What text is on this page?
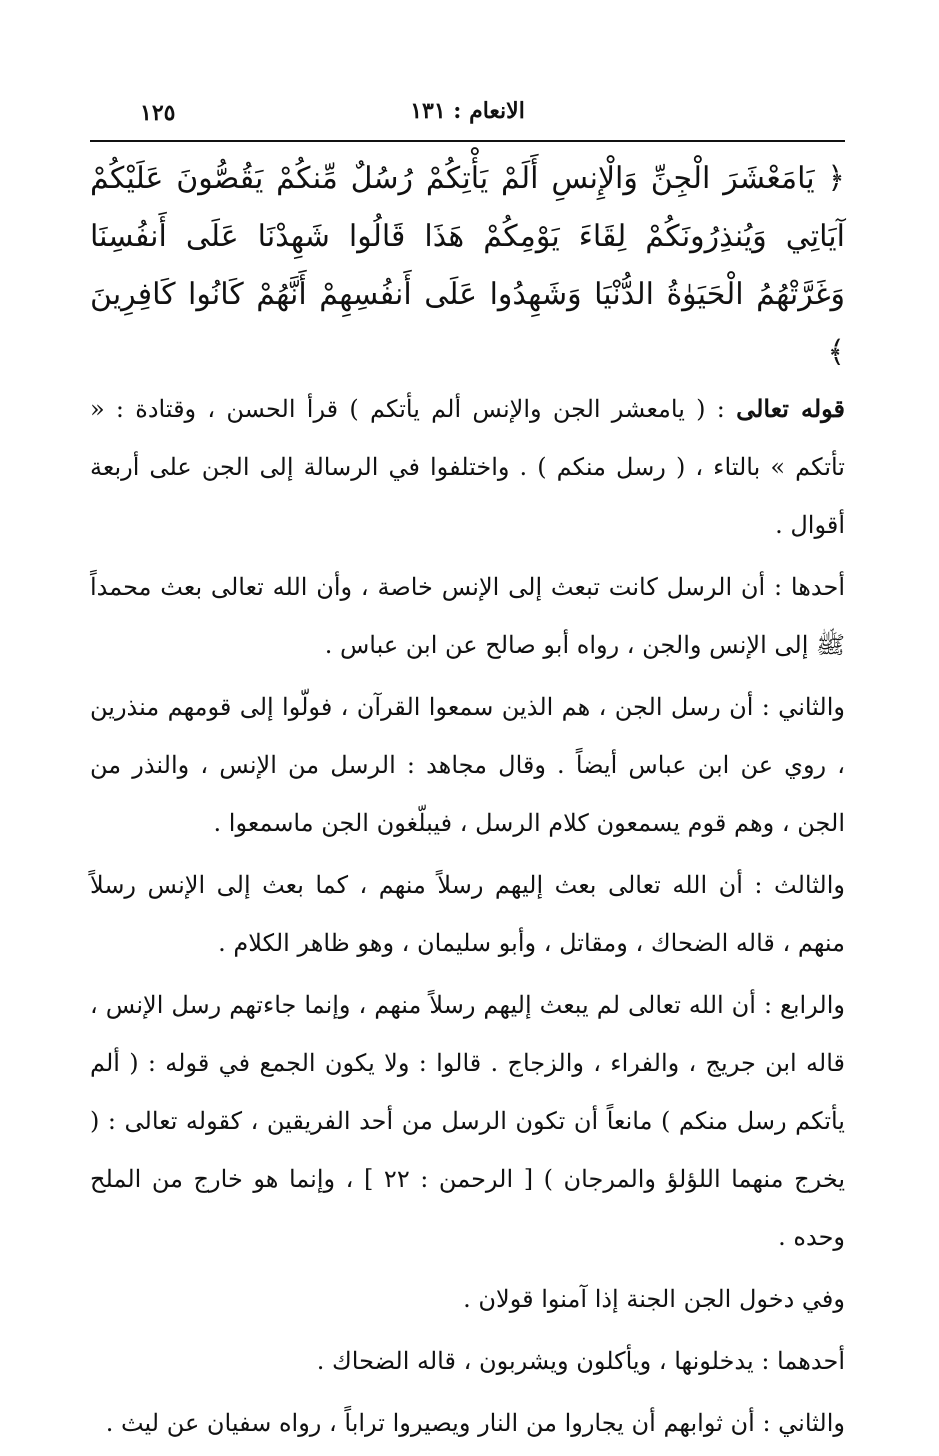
الانعام : ١٣١
١٢٥
﴿ يَامَعْشَرَ الْجِنِّ وَالْإِنسِ أَلَمْ يَأْتِكُمْ رُسُلٌ مِّنكُمْ يَقُصُّونَ عَلَيْكُمْ آيَاتِي وَيُنذِرُونَكُمْ لِقَاءَ يَوْمِكُمْ هَذَا قَالُوا شَهِدْنَا عَلَى أَنفُسِنَا وَغَرَّتْهُمُ الْحَيَوٰةُ الدُّنْيَا وَشَهِدُوا عَلَى أَنفُسِهِمْ أَنَّهُمْ كَانُوا كَافِرِينَ ﴾

قوله تعالى : ( يامعشر الجن والإنس ألم يأتكم ) قرأ الحسن ، وقتادة : « تأتكم » بالتاء ، ( رسل منكم ) . واختلفوا في الرسالة إلى الجن على أربعة أقوال .

أحدها : أن الرسل كانت تبعث إلى الإنس خاصة ، وأن الله تعالى بعث محمداً ﷺ إلى الإنس والجن ، رواه أبو صالح عن ابن عباس .

والثاني : أن رسل الجن ، هم الذين سمعوا القرآن ، فولّوا إلى قومهم منذرين ، روي عن ابن عباس أيضاً . وقال مجاهد : الرسل من الإنس ، والنذر من الجن ، وهم قوم يسمعون كلام الرسل ، فيبلّغون الجن ماسمعوا .

والثالث : أن الله تعالى بعث إليهم رسلاً منهم ، كما بعث إلى الإنس رسلاً منهم ، قاله الضحاك ، ومقاتل ، وأبو سليمان ، وهو ظاهر الكلام .

والرابع : أن الله تعالى لم يبعث إليهم رسلاً منهم ، وإنما جاءتهم رسل الإنس ، قاله ابن جريج ، والفراء ، والزجاج . قالوا : ولا يكون الجمع في قوله : ( ألم يأتكم رسل منكم ) مانعاً أن تكون الرسل من أحد الفريقين ، كقوله تعالى : ( يخرج منهما اللؤلؤ والمرجان ) [ الرحمن : ٢٢ ] ، وإنما هو خارج من الملح وحده .

وفي دخول الجن الجنة إذا آمنوا قولان .

أحدهما : يدخلونها ، ويأكلون ويشربون ، قاله الضحاك .

والثاني : أن ثوابهم أن يجاروا من النار ويصيروا تراباً ، رواه سفيان عن ليث .
